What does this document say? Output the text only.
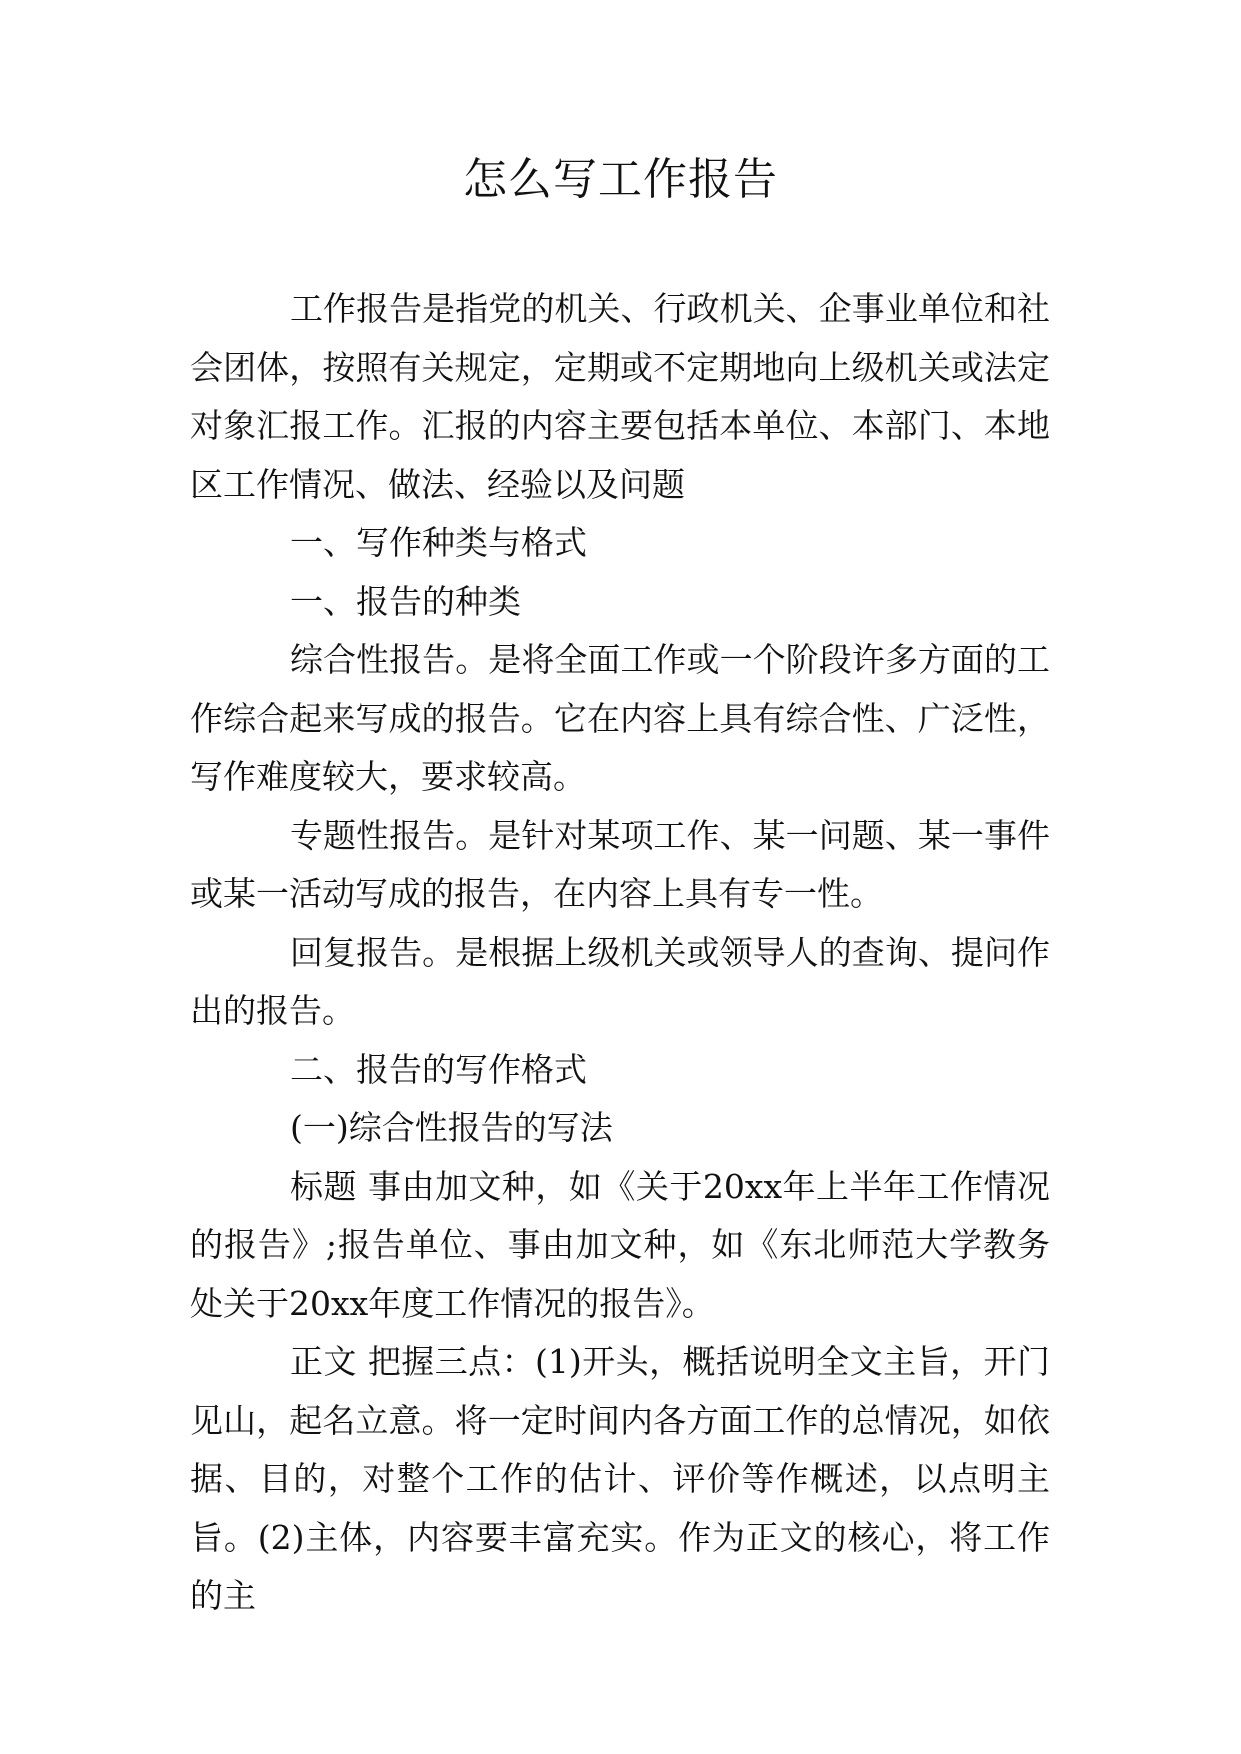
怎么写工作报告

工作报告是指党的机关、行政机关、企事业单位和社会团体，按照有关规定，定期或不定期地向上级机关或法定对象汇报工作。汇报的内容主要包括本单位、本部门、本地区工作情况、做法、经验以及问题

一、写作种类与格式

一、报告的种类

综合性报告。是将全面工作或一个阶段许多方面的工作综合起来写成的报告。它在内容上具有综合性、广泛性，写作难度较大，要求较高。

专题性报告。是针对某项工作、某一问题、某一事件或某一活动写成的报告，在内容上具有专一性。

回复报告。是根据上级机关或领导人的查询、提问作出的报告。

二、报告的写作格式

(一)综合性报告的写法

标题 事由加文种，如《关于20xx年上半年工作情况的报告》;报告单位、事由加文种，如《东北师范大学教务处关于20xx年度工作情况的报告》。

正文 把握三点：(1)开头，概括说明全文主旨，开门见山，起名立意。将一定时间内各方面工作的总情况，如依据、目的，对整个工作的估计、评价等作概述，以点明主旨。(2)主体，内容要丰富充实。作为正文的核心，将工作的主
